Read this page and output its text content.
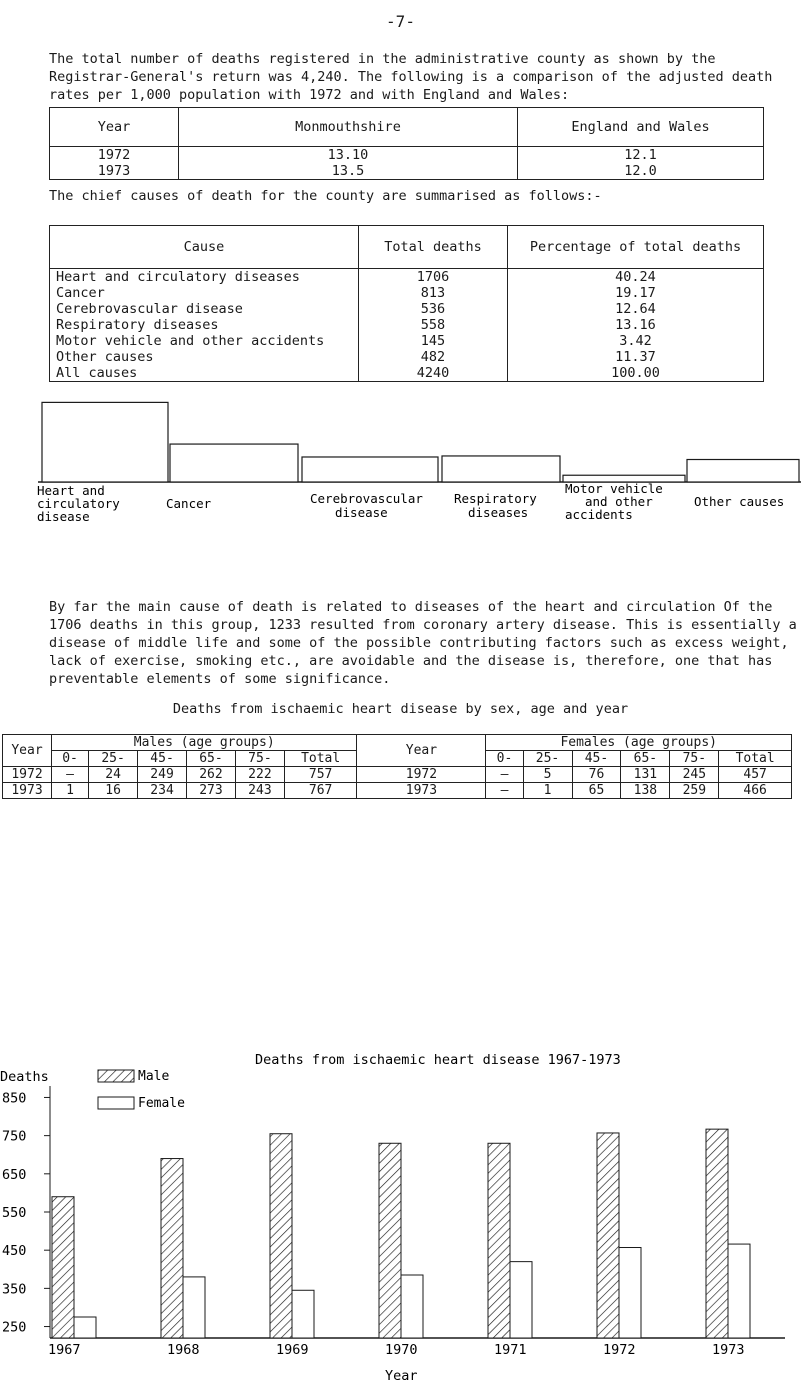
-7-
The total number of deaths registered in the administrative county as shown by the Registrar-General's return was 4,240. The following is a comparison of the adjusted death rates per 1,000 population with 1972 and with England and Wales:
Year	Monmouthshire	England and Wales
1972	13.10	12.1
1973	13.5	12.0
The chief causes of death for the county are summarised as follows:-
Cause	Total deaths	Percentage of total deaths
Heart and circulatory diseases	1706	40.24
Cancer	813	19.17
Cerebrovascular disease	536	12.64
Respiratory diseases	558	13.16
Motor vehicle and other accidents	145	3.42
Other causes	482	11.37
All causes	4240	100.00
Heart and
circulatory
disease
Cancer	Cerebrovascular
disease
Respiratory
diseases
Motor vehicle
and other
accidents
Other causes
By far the main cause of death is related to diseases of the heart and circulation Of the 1706 deaths in this group, 1233 resulted from coronary artery disease. This is essentially a disease of middle life and some of the possible contributing factors such as excess weight, lack of exercise, smoking etc., are avoidable and the disease is, therefore, one that has preventable elements of some significance.
Deaths from ischaemic heart disease by sex, age and year
Year	Males (age groups)						Year	Females (age groups)					
	0-	25-	45-	65-	75-	Total		0-	25-	45-	65-	75-	Total
1972	–	24	249	262	222	757	1972	–	5	76	131	245	457
1973	1	16	234	273	243	767	1973	–	1	65	138	259	466
Deaths from ischaemic heart disease 1967-1973
Deaths
250
350
450
550
650
750
850
1967	1968	1969	1970	1971	1972	1973
Male
Female
Year
